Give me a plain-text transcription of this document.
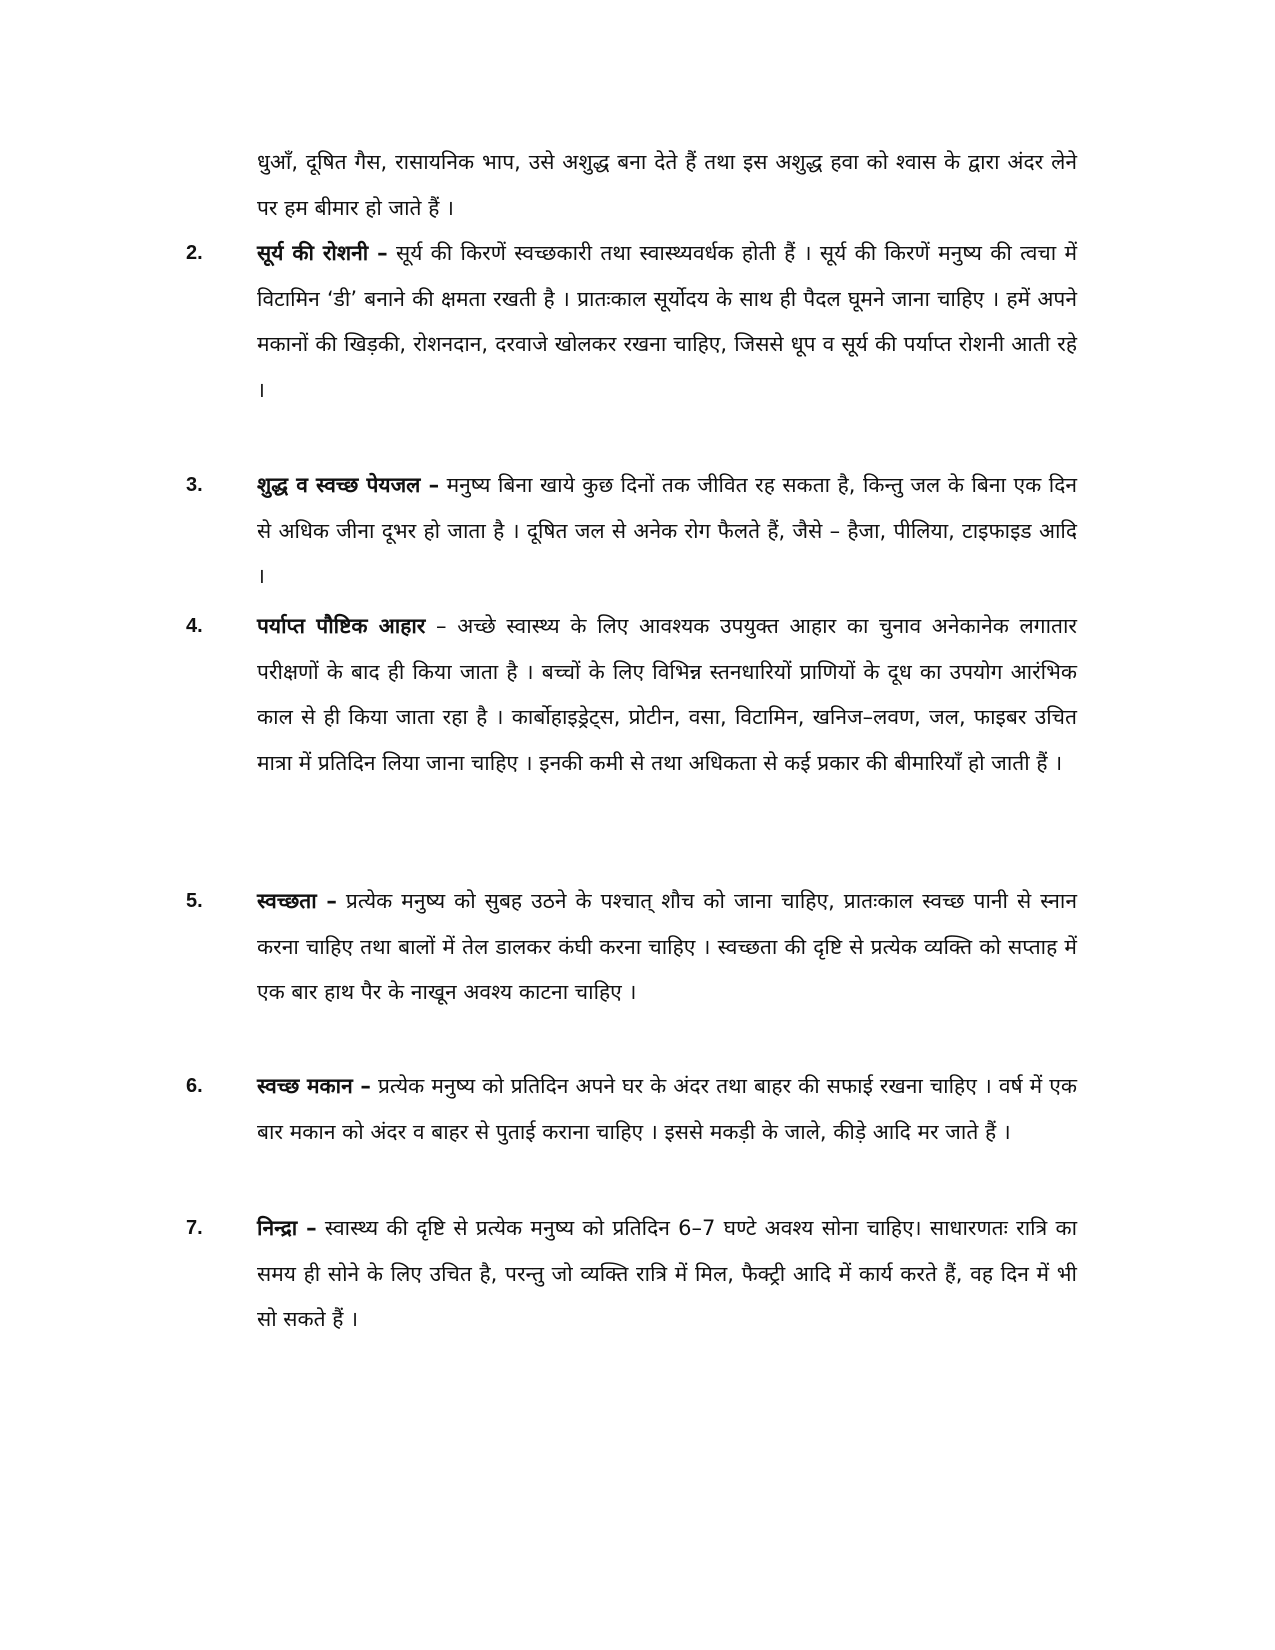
धुआँ, दूषित गैस, रासायनिक भाप, उसे अशुद्ध बना देते हैं तथा इस अशुद्ध हवा को श्वास के द्वारा अंदर लेने पर हम बीमार हो जाते हैं ।

2.	सूर्य की रोशनी – सूर्य की किरणें स्वच्छकारी तथा स्वास्थ्यवर्धक होती हैं । सूर्य की किरणें मनुष्य की त्वचा में विटामिन ‘डी’ बनाने की क्षमता रखती है । प्रातःकाल सूर्योदय के साथ ही पैदल घूमने जाना चाहिए । हमें अपने मकानों की खिड़की, रोशनदान, दरवाजे खोलकर रखना चाहिए, जिससे धूप व सूर्य की पर्याप्त रोशनी आती रहे ।

3.	शुद्ध व स्वच्छ पेयजल – मनुष्य बिना खाये कुछ दिनों तक जीवित रह सकता है, किन्तु जल के बिना एक दिन से अधिक जीना दूभर हो जाता है । दूषित जल से अनेक रोग फैलते हैं, जैसे – हैजा, पीलिया, टाइफाइड आदि ।

4.	पर्याप्त पौष्टिक आहार – अच्छे स्वास्थ्य के लिए आवश्यक उपयुक्त आहार का चुनाव अनेकानेक लगातार परीक्षणों के बाद ही किया जाता है । बच्चों के लिए विभिन्न स्तनधारियों प्राणियों के दूध का उपयोग आरंभिक काल से ही किया जाता रहा है । कार्बोहाइड्रेट्स, प्रोटीन, वसा, विटामिन, खनिज–लवण, जल, फाइबर उचित मात्रा में प्रतिदिन लिया जाना चाहिए । इनकी कमी से तथा अधिकता से कई प्रकार की बीमारियाँ हो जाती हैं ।

5.	स्वच्छता – प्रत्येक मनुष्य को सुबह उठने के पश्चात् शौच को जाना चाहिए, प्रातःकाल स्वच्छ पानी से स्नान करना चाहिए तथा बालों में तेल डालकर कंघी करना चाहिए । स्वच्छता की दृष्टि से प्रत्येक व्यक्ति को सप्ताह में एक बार हाथ पैर के नाखून अवश्य काटना चाहिए ।

6.	स्वच्छ मकान – प्रत्येक मनुष्य को प्रतिदिन अपने घर के अंदर तथा बाहर की सफाई रखना चाहिए । वर्ष में एक बार मकान को अंदर व बाहर से पुताई कराना चाहिए । इससे मकड़ी के जाले, कीड़े आदि मर जाते हैं ।

7.	निन्द्रा – स्वास्थ्य की दृष्टि से प्रत्येक मनुष्य को प्रतिदिन 6–7 घण्टे अवश्य सोना चाहिए। साधारणतः रात्रि का समय ही सोने के लिए उचित है, परन्तु जो व्यक्ति रात्रि में मिल, फैक्ट्री आदि में कार्य करते हैं, वह दिन में भी सो सकते हैं ।
